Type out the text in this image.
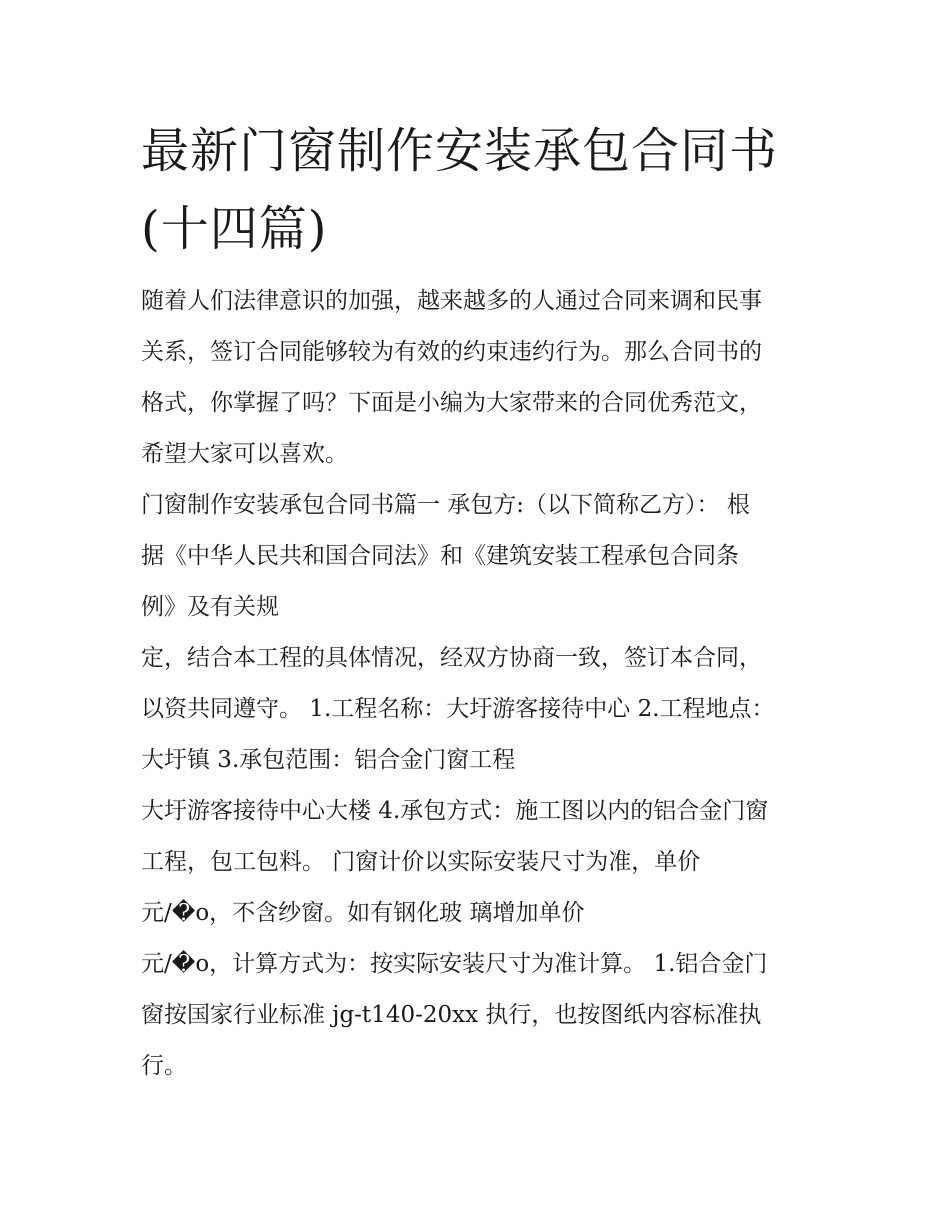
最新门窗制作安装承包合同书
(十四篇)

随着人们法律意识的加强，越来越多的人通过合同来调和民事
关系，签订合同能够较为有效的约束违约行为。那么合同书的
格式，你掌握了吗？下面是小编为大家带来的合同优秀范文，
希望大家可以喜欢。

门窗制作安装承包合同书篇一 承包方:（以下简称乙方）： 根
据《中华人民共和国合同法》和《建筑安装工程承包合同条
例》及有关规

定，结合本工程的具体情况，经双方协商一致，签订本合同，
以资共同遵守。 1.工程名称：大圩游客接待中心 2.工程地点：
大圩镇 3.承包范围：铝合金门窗工程

大圩游客接待中心大楼 4.承包方式：施工图以内的铝合金门窗
工程，包工包料。 门窗计价以实际安装尺寸为准，单价
元/�o，不含纱窗。如有钢化玻 璃增加单价

元/�o，计算方式为：按实际安装尺寸为准计算。 1.铝合金门
窗按国家行业标准 jg-t140-20xx 执行，也按图纸内容标准执
行。
